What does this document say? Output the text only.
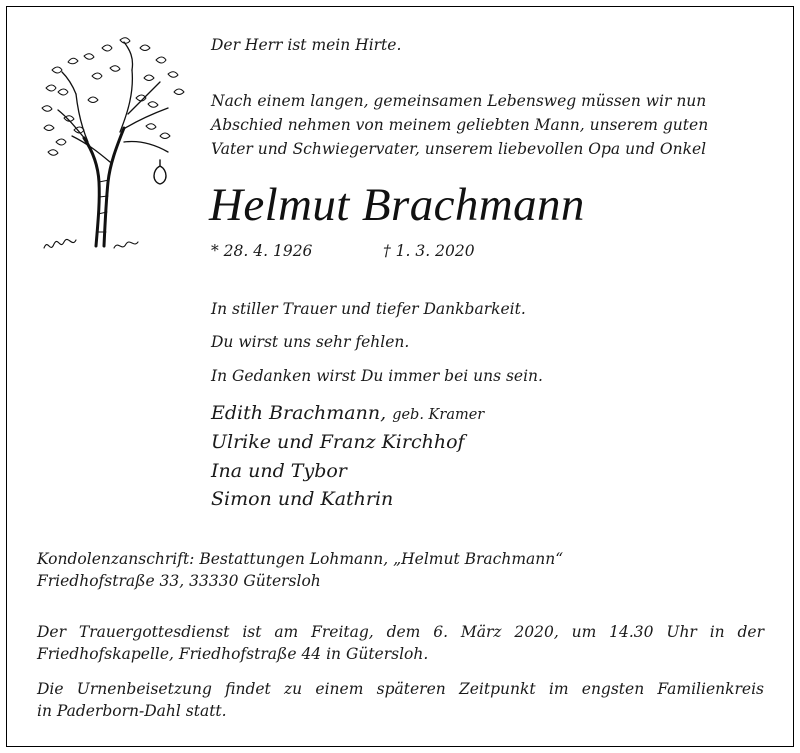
Der Herr ist mein Hirte.
Nach einem langen, gemeinsamen Lebensweg müssen wir nun
Abschied nehmen von meinem geliebten Mann, unserem guten
Vater und Schwiegervater, unserem liebevollen Opa und Onkel
Helmut Brachmann
* 28. 4. 1926	† 1. 3. 2020
In stiller Trauer und tiefer Dankbarkeit.
Du wirst uns sehr fehlen.
In Gedanken wirst Du immer bei uns sein.
Edith Brachmann, geb. Kramer
Ulrike und Franz Kirchhof
Ina und Tybor
Simon und Kathrin
Kondolenzanschrift: Bestattungen Lohmann, „Helmut Brachmann“
Friedhofstraße 33, 33330 Gütersloh
Der Trauergottesdienst ist am Freitag, dem 6. März 2020, um 14.30 Uhr in der
Friedhofskapelle, Friedhofstraße 44 in Gütersloh.
Die Urnenbeisetzung findet zu einem späteren Zeitpunkt im engsten Familienkreis
in Paderborn-Dahl statt.
